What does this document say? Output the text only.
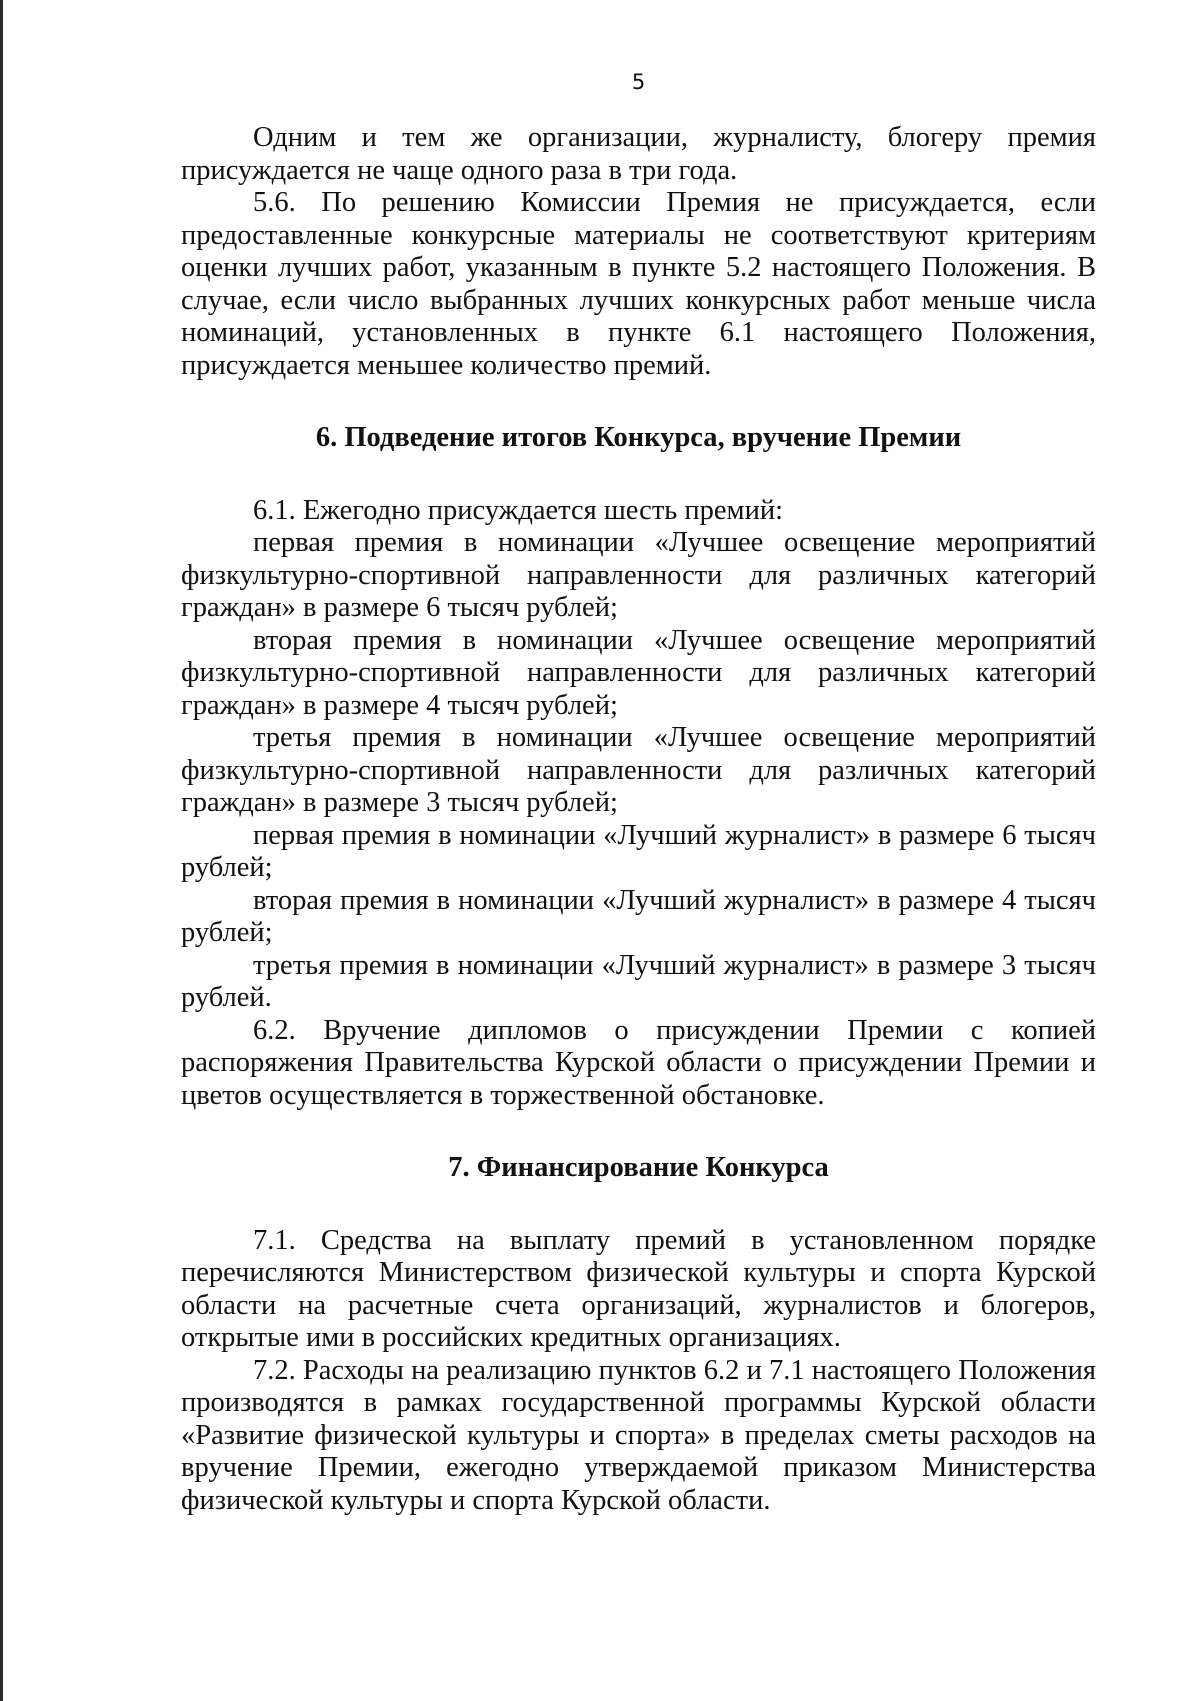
5

Одним и тем же организации, журналисту, блогеру премия присуждается не чаще одного раза в три года.

5.6. По решению Комиссии Премия не присуждается, если предоставленные конкурсные материалы не соответствуют критериям оценки лучших работ, указанным в пункте 5.2 настоящего Положения. В случае, если число выбранных лучших конкурсных работ меньше числа номинаций, установленных в пункте 6.1 настоящего Положения, присуждается меньшее количество премий.

6. Подведение итогов Конкурса, вручение Премии

6.1. Ежегодно присуждается шесть премий:

первая премия в номинации «Лучшее освещение мероприятий физкультурно-спортивной направленности для различных категорий граждан» в размере 6 тысяч рублей;

вторая премия в номинации «Лучшее освещение мероприятий физкультурно-спортивной направленности для различных категорий граждан» в размере 4 тысяч рублей;

третья премия в номинации «Лучшее освещение мероприятий физкультурно-спортивной направленности для различных категорий граждан» в размере 3 тысяч рублей;

первая премия в номинации «Лучший журналист» в размере 6 тысяч рублей;

вторая премия в номинации «Лучший журналист» в размере 4 тысяч рублей;

третья премия в номинации «Лучший журналист» в размере 3 тысяч рублей.

6.2. Вручение дипломов о присуждении Премии с копией распоряжения Правительства Курской области о присуждении Премии и цветов осуществляется в торжественной обстановке.

7. Финансирование Конкурса

7.1. Средства на выплату премий в установленном порядке перечисляются Министерством физической культуры и спорта Курской области на расчетные счета организаций, журналистов и блогеров, открытые ими в российских кредитных организациях.

7.2. Расходы на реализацию пунктов 6.2 и 7.1 настоящего Положения производятся в рамках государственной программы Курской области «Развитие физической культуры и спорта» в пределах сметы расходов на вручение Премии, ежегодно утверждаемой приказом Министерства физической культуры и спорта Курской области.
